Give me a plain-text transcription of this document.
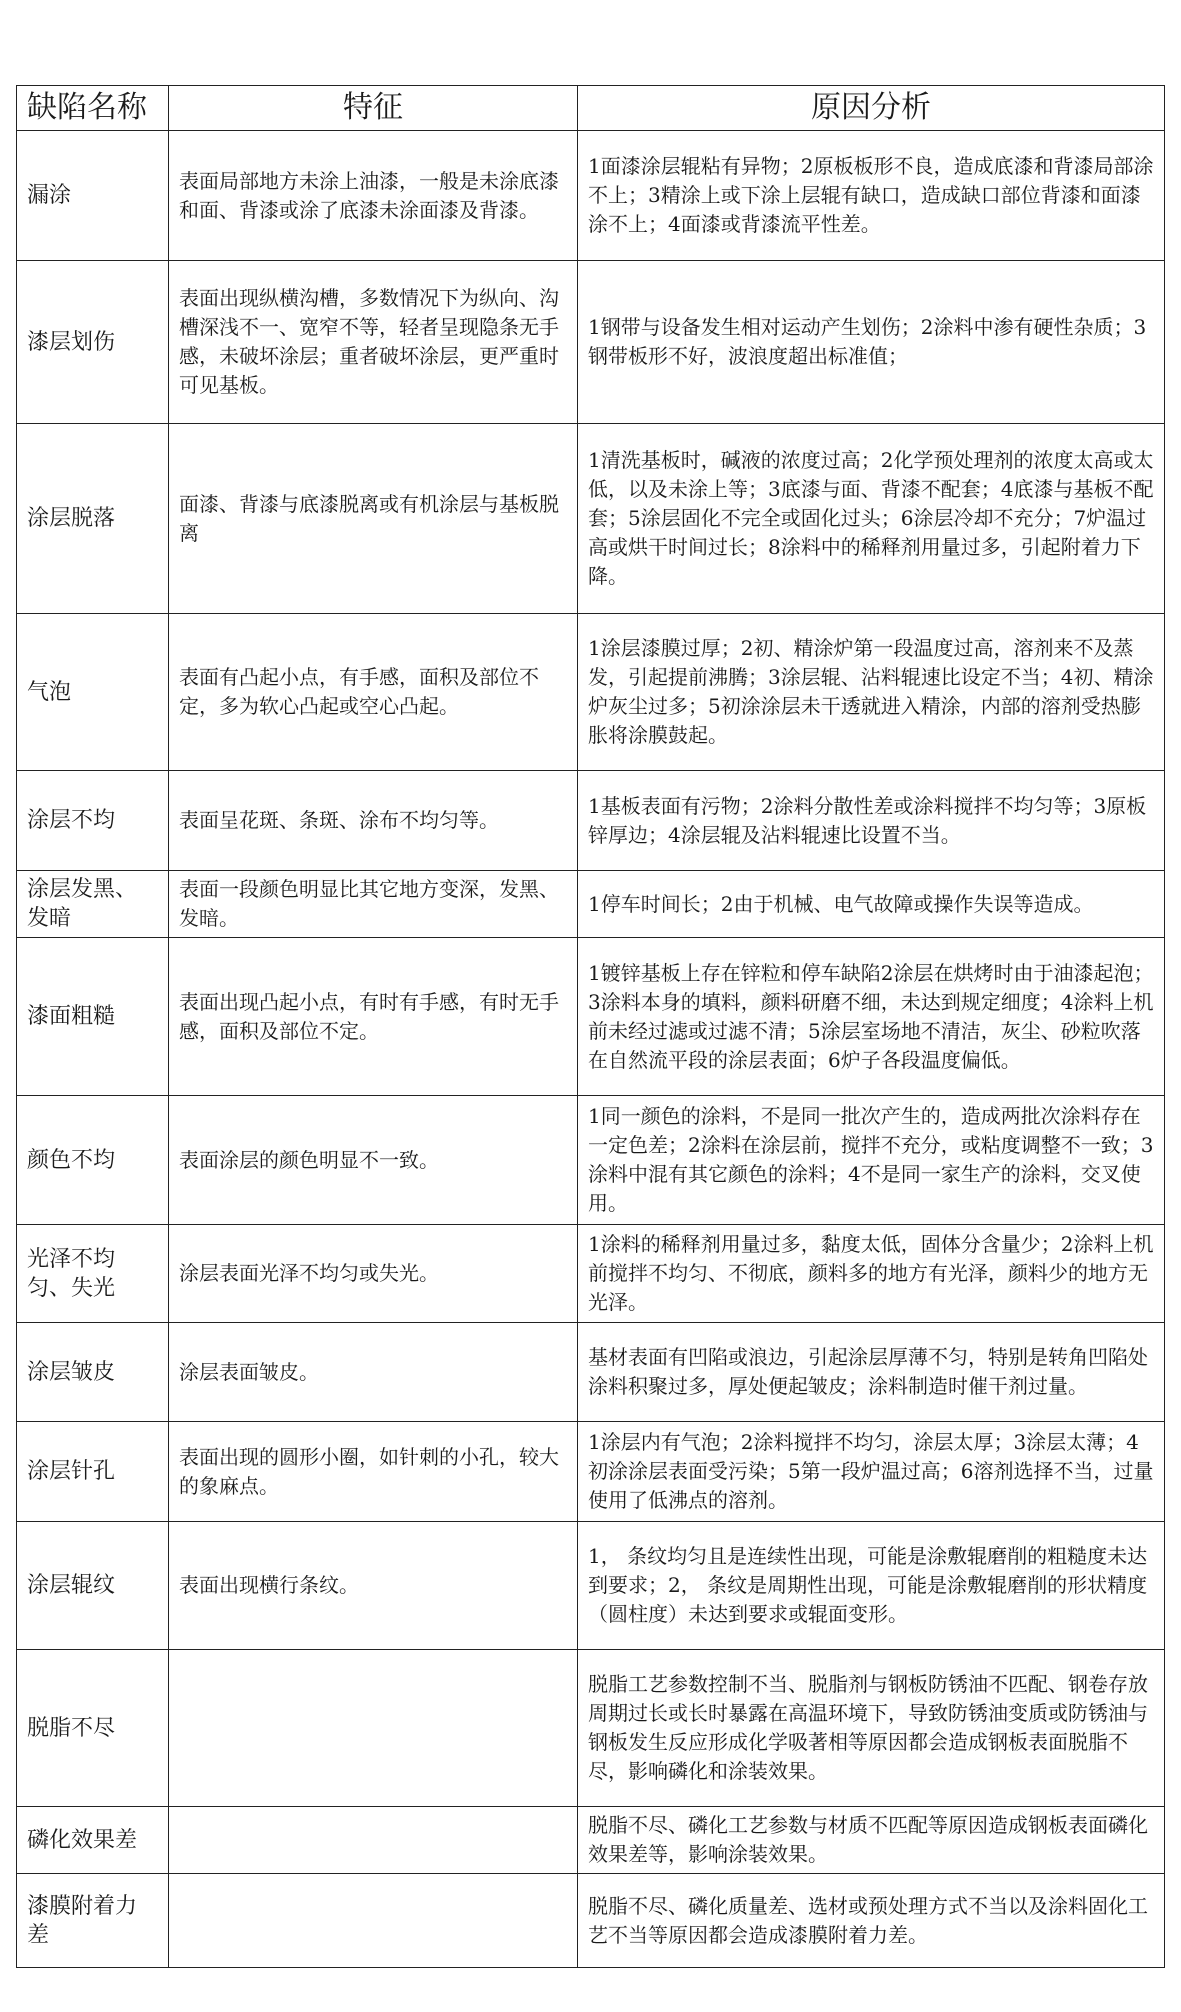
缺陷名称	特征	原因分析
漏涂	表面局部地方未涂上油漆，一般是未涂底漆和面、背漆或涂了底漆未涂面漆及背漆。	1面漆涂层辊粘有异物；2原板板形不良，造成底漆和背漆局部涂不上；3精涂上或下涂上层辊有缺口，造成缺口部位背漆和面漆涂不上；4面漆或背漆流平性差。
漆层划伤	表面出现纵横沟槽，多数情况下为纵向、沟槽深浅不一、宽窄不等，轻者呈现隐条无手感，未破坏涂层；重者破坏涂层，更严重时可见基板。	1钢带与设备发生相对运动产生划伤；2涂料中渗有硬性杂质；3钢带板形不好，波浪度超出标准值；
涂层脱落	面漆、背漆与底漆脱离或有机涂层与基板脱离	1清洗基板时，碱液的浓度过高；2化学预处理剂的浓度太高或太低，以及未涂上等；3底漆与面、背漆不配套；4底漆与基板不配套；5涂层固化不完全或固化过头；6涂层冷却不充分；7炉温过高或烘干时间过长；8涂料中的稀释剂用量过多，引起附着力下降。
气泡	表面有凸起小点，有手感，面积及部位不定，多为软心凸起或空心凸起。	1涂层漆膜过厚；2初、精涂炉第一段温度过高，溶剂来不及蒸发，引起提前沸腾；3涂层辊、沾料辊速比设定不当；4初、精涂炉灰尘过多；5初涂涂层未干透就进入精涂，内部的溶剂受热膨胀将涂膜鼓起。
涂层不均	表面呈花斑、条斑、涂布不均匀等。	1基板表面有污物；2涂料分散性差或涂料搅拌不均匀等；3原板锌厚边；4涂层辊及沾料辊速比设置不当。
涂层发黑、发暗	表面一段颜色明显比其它地方变深，发黑、发暗。	1停车时间长；2由于机械、电气故障或操作失误等造成。
漆面粗糙	表面出现凸起小点，有时有手感，有时无手感，面积及部位不定。	1镀锌基板上存在锌粒和停车缺陷2涂层在烘烤时由于油漆起泡；3涂料本身的填料，颜料研磨不细，未达到规定细度；4涂料上机前未经过滤或过滤不清；5涂层室场地不清洁，灰尘、砂粒吹落在自然流平段的涂层表面；6炉子各段温度偏低。
颜色不均	表面涂层的颜色明显不一致。	1同一颜色的涂料，不是同一批次产生的，造成两批次涂料存在一定色差；2涂料在涂层前，搅拌不充分，或粘度调整不一致；3涂料中混有其它颜色的涂料；4不是同一家生产的涂料，交叉使用。
光泽不均匀、失光	涂层表面光泽不均匀或失光。	1涂料的稀释剂用量过多，黏度太低，固体分含量少；2涂料上机前搅拌不均匀、不彻底，颜料多的地方有光泽，颜料少的地方无光泽。
涂层皱皮	涂层表面皱皮。	基材表面有凹陷或浪边，引起涂层厚薄不匀，特别是转角凹陷处涂料积聚过多，厚处便起皱皮；涂料制造时催干剂过量。
涂层针孔	表面出现的圆形小圈，如针刺的小孔，较大的象麻点。	1涂层内有气泡；2涂料搅拌不均匀，涂层太厚；3涂层太薄；4初涂涂层表面受污染；5第一段炉温过高；6溶剂选择不当，过量使用了低沸点的溶剂。
涂层辊纹	表面出现横行条纹。	1， 条纹均匀且是连续性出现，可能是涂敷辊磨削的粗糙度未达到要求；2， 条纹是周期性出现，可能是涂敷辊磨削的形状精度（圆柱度）未达到要求或辊面变形。
脱脂不尽		脱脂工艺参数控制不当、脱脂剂与钢板防锈油不匹配、钢卷存放周期过长或长时暴露在高温环境下，导致防锈油变质或防锈油与钢板发生反应形成化学吸著相等原因都会造成钢板表面脱脂不尽，影响磷化和涂装效果。
磷化效果差		脱脂不尽、磷化工艺参数与材质不匹配等原因造成钢板表面磷化效果差等，影响涂装效果。
漆膜附着力差		脱脂不尽、磷化质量差、选材或预处理方式不当以及涂料固化工艺不当等原因都会造成漆膜附着力差。
